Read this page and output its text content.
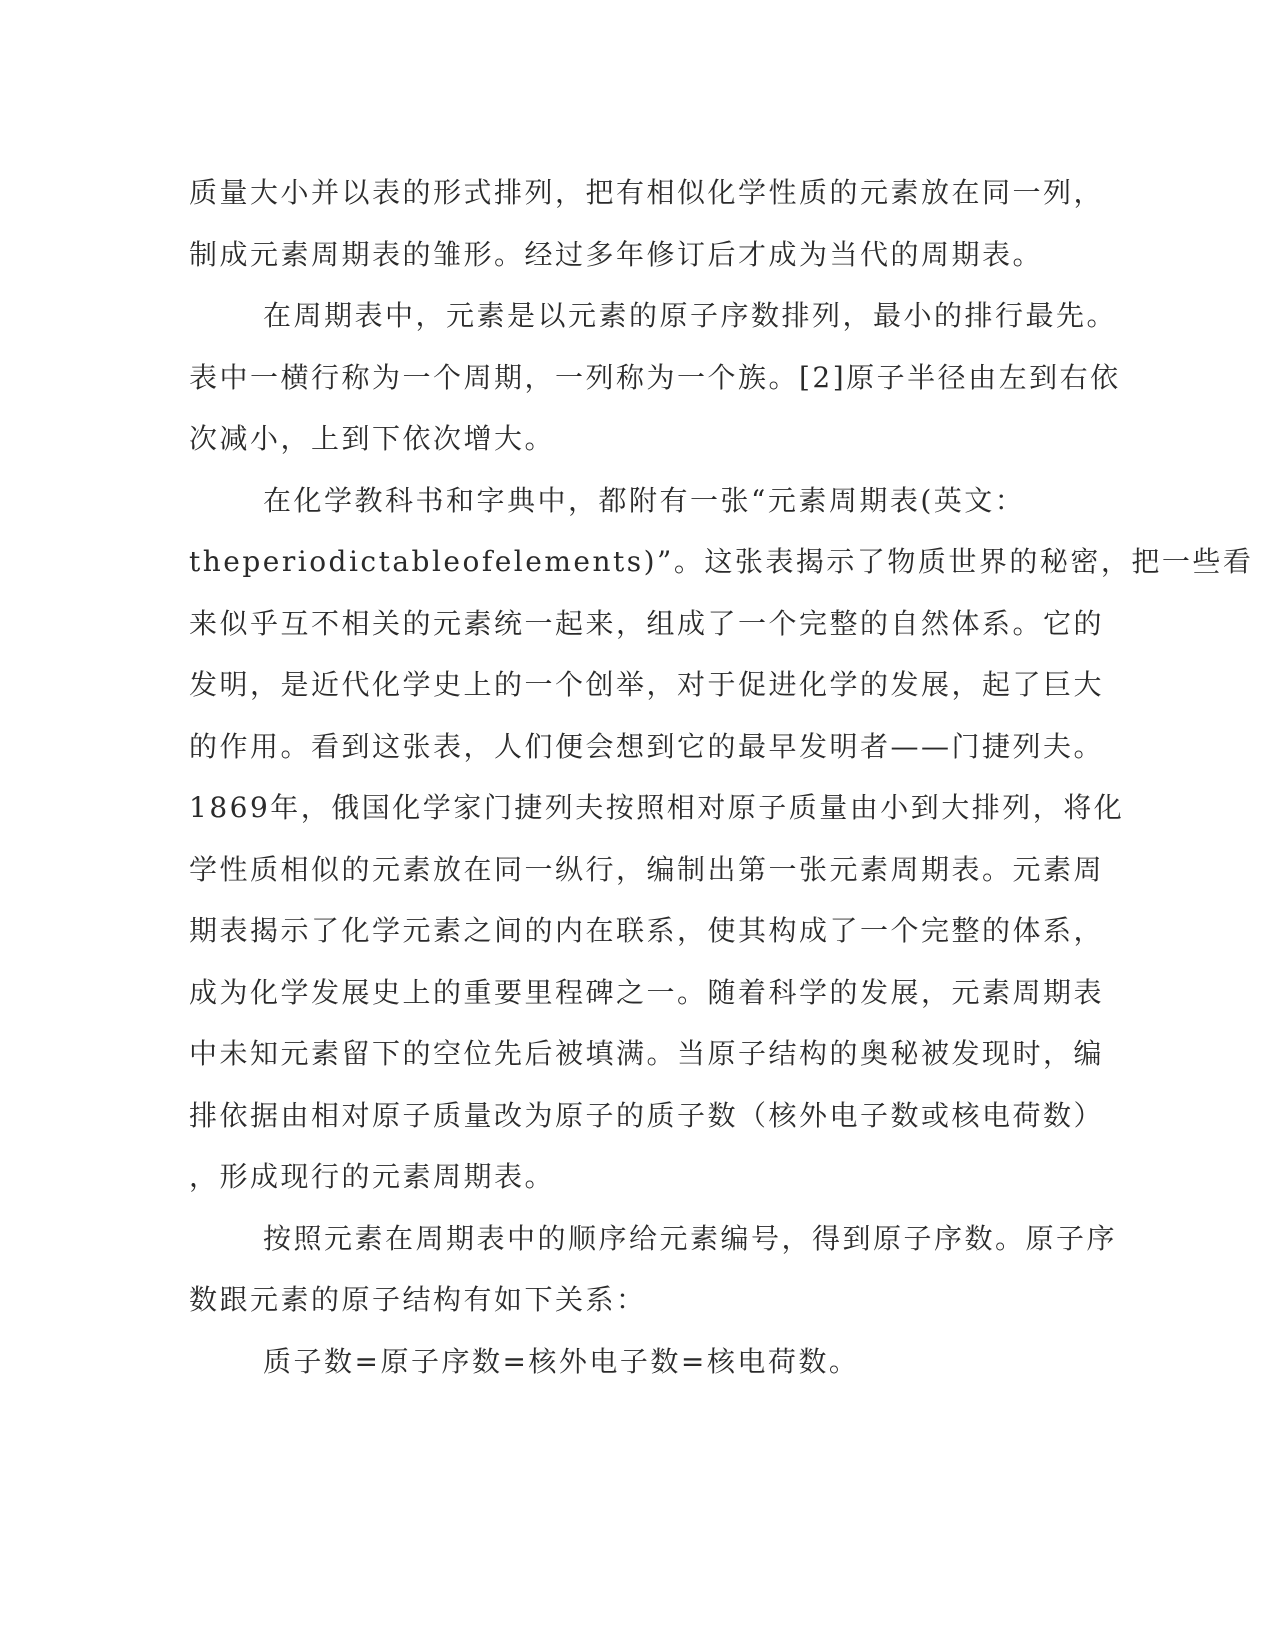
质量大小并以表的形式排列，把有相似化学性质的元素放在同一列，
制成元素周期表的雏形。经过多年修订后才成为当代的周期表。
在周期表中，元素是以元素的原子序数排列，最小的排行最先。
表中一横行称为一个周期，一列称为一个族。[2]原子半径由左到右依
次减小，上到下依次增大。
在化学教科书和字典中，都附有一张“元素周期表(英文：
theperiodictableofelements)”。这张表揭示了物质世界的秘密，把一些看
来似乎互不相关的元素统一起来，组成了一个完整的自然体系。它的
发明，是近代化学史上的一个创举，对于促进化学的发展，起了巨大
的作用。看到这张表，人们便会想到它的最早发明者——门捷列夫。
1869年，俄国化学家门捷列夫按照相对原子质量由小到大排列，将化
学性质相似的元素放在同一纵行，编制出第一张元素周期表。元素周
期表揭示了化学元素之间的内在联系，使其构成了一个完整的体系，
成为化学发展史上的重要里程碑之一。随着科学的发展，元素周期表
中未知元素留下的空位先后被填满。当原子结构的奥秘被发现时，编
排依据由相对原子质量改为原子的质子数（核外电子数或核电荷数）
，形成现行的元素周期表。
按照元素在周期表中的顺序给元素编号，得到原子序数。原子序
数跟元素的原子结构有如下关系：
质子数=原子序数=核外电子数=核电荷数。
